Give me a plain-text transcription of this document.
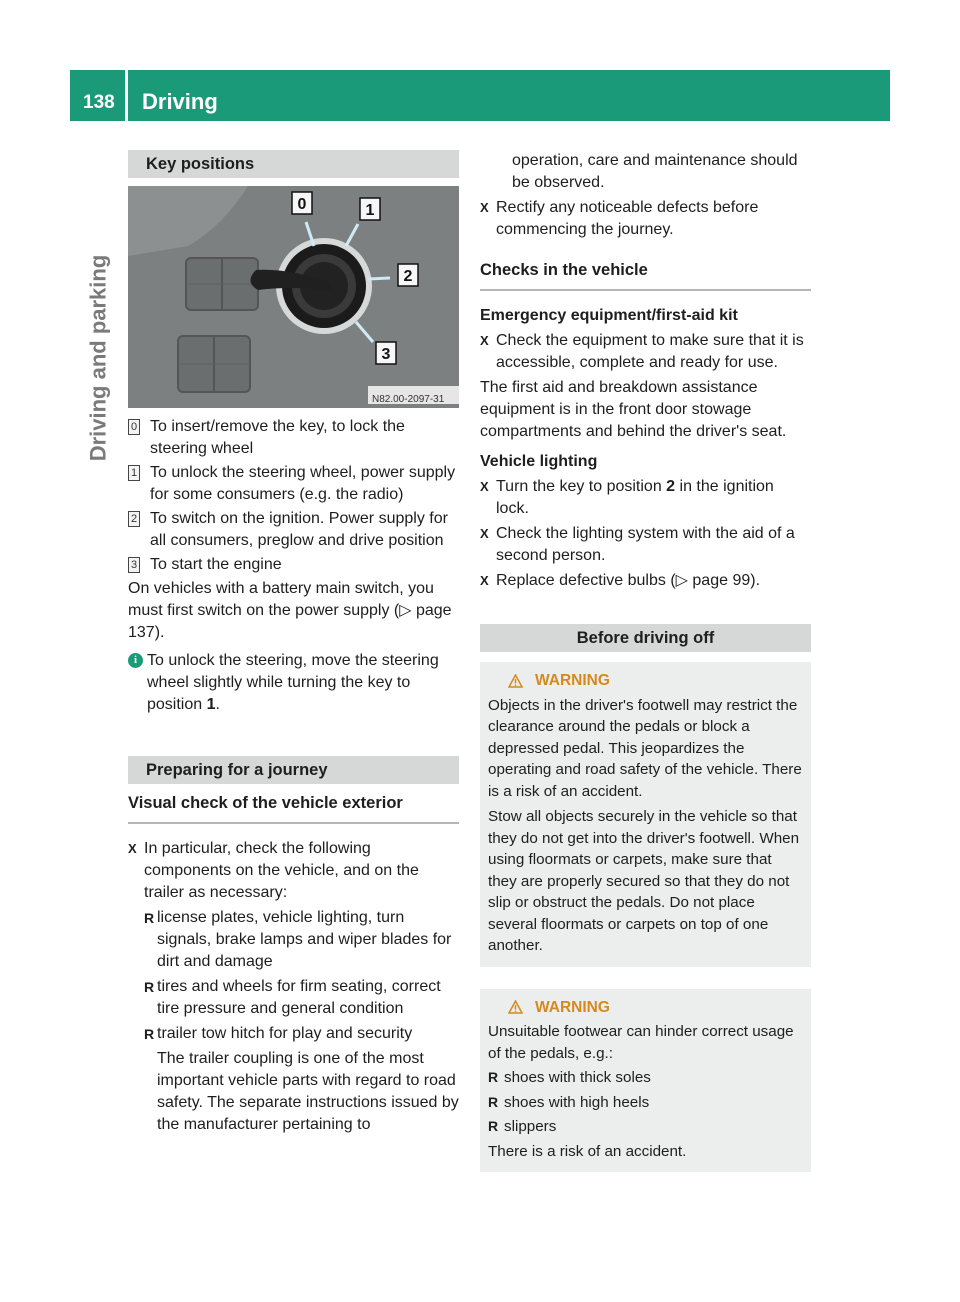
138 Driving
Driving and parking
Key positions
0	1
2
3
N82.00-2097-31
0 To insert/remove the key, to lock the steering wheel
1 To unlock the steering wheel, power supply for some consumers (e.g. the radio)
2 To switch on the ignition. Power supply for all consumers, preglow and drive position
3 To start the engine

On vehicles with a battery main switch, you must first switch on the power supply (▷ page 137).

i To unlock the steering, move the steering wheel slightly while turning the key to position 1.
Preparing for a journey
Visual check of the vehicle exterior
X In particular, check the following components on the vehicle, and on the trailer as necessary:
R license plates, vehicle lighting, turn signals, brake lamps and wiper blades for dirt and damage
R tires and wheels for firm seating, correct tire pressure and general condition
R trailer tow hitch for play and security

The trailer coupling is one of the most important vehicle parts with regard to road safety. The separate instructions issued by the manufacturer pertaining to

operation, care and maintenance should be observed.

X Rectify any noticeable defects before commencing the journey.
Checks in the vehicle
Emergency equipment/first-aid kit
X Check the equipment to make sure that it is accessible, complete and ready for use.

The first aid and breakdown assistance equipment is in the front door stowage compartments and behind the driver's seat.

Vehicle lighting
X Turn the key to position 2 in the ignition lock.
X Check the lighting system with the aid of a second person.
X Replace defective bulbs (▷ page 99).
Before driving off
WARNING

Objects in the driver's footwell may restrict the clearance around the pedals or block a depressed pedal. This jeopardizes the operating and road safety of the vehicle. There is a risk of an accident.

Stow all objects securely in the vehicle so that they do not get into the driver's footwell. When using floormats or carpets, make sure that they are properly secured so that they do not slip or obstruct the pedals. Do not place several floormats or carpets on top of one another.

WARNING

Unsuitable footwear can hinder correct usage of the pedals, e.g.:

R shoes with thick soles
R shoes with high heels
R slippers

There is a risk of an accident.
